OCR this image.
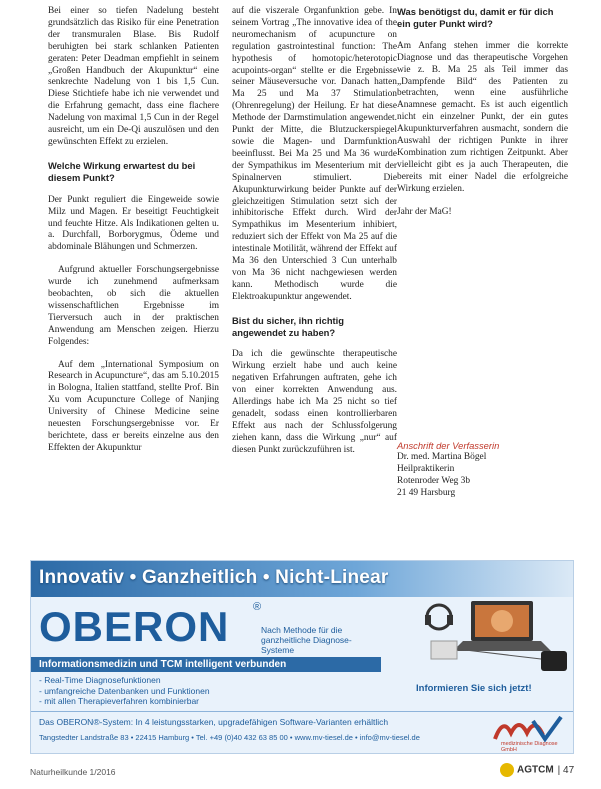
Bei einer so tiefen Nadelung besteht grundsätzlich das Risiko für eine Penetration der transmuralen Blase. Bis Rudolf beruhigten bei stark schlanken Patienten geraten: Peter Deadman empfiehlt in seinem „Großen Handbuch der Akupunktur“ eine senkrechte Nadelung von 1 bis 1,5 Cun. Diese Stichtiefe habe ich nie verwendet und die Erfahrung gemacht, dass eine flachere Nadelung von maximal 1,5 Cun in der Regel ausreicht, um ein De-Qi auszulösen und den gewünschten Effekt zu erzielen.

Welche Wirkung erwartest du bei diesem Punkt?

Der Punkt reguliert die Eingeweide sowie Milz und Magen. Er beseitigt Feuchtigkeit und feuchte Hitze. Als Indikationen gelten u. a. Durchfall, Borborygmus, Ödeme und abdominale Blähungen und Schmerzen.

Aufgrund aktueller Forschungsergebnisse wurde ich zunehmend aufmerksam beobachten, ob sich die aktuellen wissenschaftlichen Ergebnisse im Tierversuch auch in der praktischen Anwendung am Menschen zeigen. Hierzu Folgendes:

Auf dem „International Symposium on Research in Acupuncture“, das am 5.10.2015 in Bologna, Italien stattfand, stellte Prof. Bin Xu vom Acupuncture College of Nanjing University of Chinese Medicine seine neuesten Forschungsergebnisse vor. Er berichtete, dass er bereits einzelne aus den Effekten der Akupunktur

auf die viszerale Organfunktion gebe. In seinem Vortrag „The innovative idea of the neuromechanism of acupuncture on regulation gastrointestinal function: The hypothesis of homotopic/heterotopic acupoints-organ“ stellte er die Ergebnisse seiner Mäuseversuche vor. Danach hatten Ma 25 und Ma 37 Stimulation (Ohrenregelung) der Heilung. Er hat diese Methode der Darmstimulation angewendet. Punkt der Mitte, die Blutzuckerspiegel sowie die Magen- und Darmfunktion beeinflusst. Bei Ma 25 und Ma 36 wurde der Sympathikus im Mesenterium mit der Spinalnerven stimuliert. Die Akupunkturwirkung beider Punkte auf der gleichzeitigen Stimulation setzt sich der inhibitorische Effekt durch. Wird der Sympathikus im Mesenterium inhibiert, reduziert sich der Effekt von Ma 25 auf die intestinale Motilität, während der Effekt auf Ma 36 den Unterschied 3 Cun unterhalb von Ma 36 nicht nachgewiesen werden kann. Methodisch wurde die Elektroakupunktur angewendet.

Bist du sicher, ihn richtig angewendet zu haben?

Da ich die gewünschte therapeutische Wirkung erzielt habe und auch keine negativen Erfahrungen auftraten, gehe ich von einer korrekten Anwendung aus. Allerdings habe ich Ma 25 nicht so tief genadelt, sodass einen kontrollierbaren Effekt aus nach der Schlussfolgerung ziehen kann, dass die Wirkung „nur“ auf diesen Punkt zurückzuführen ist.

Was benötigst du, damit er für dich ein guter Punkt wird?

Am Anfang stehen immer die korrekte Diagnose und das therapeutische Vorgehen wie z. B. Ma 25 als Teil immer das „Dampfende Bild“ des Patienten zu betrachten, wenn eine ausführliche Anamnese gemacht. Es ist auch eigentlich nicht ein einzelner Punkt, der ein gutes Akupunkturverfahren ausmacht, sondern die Auswahl der richtigen Punkte in ihrer Kombination zum richtigen Zeitpunkt. Aber vielleicht gibt es ja auch Therapeuten, die bereits mit einer Nadel die erfolgreiche Wirkung erzielen.

Jahr der MaG!

Anschrift der Verfasserin
Dr. med. Martina Bögel
Heilpraktikerin
Rotenroder Weg 3b
21 49 Harsburg
Innovativ • Ganzheitlich • Nicht-Linear
OBERON ®
Nach Methode für die ganzheitliche Diagnose-Systeme
Informationsmedizin und TCM intelligent verbunden
- Real-Time Diagnosefunktionen
- umfangreiche Datenbanken und Funktionen
- mit allen Therapieverfahren kombinierbar
Informieren Sie sich jetzt!
Das OBERON®-System: In 4 leistungsstarken, upgradefähigen Software-Varianten erhältlich
Tangstedter Landstraße 83 • 22415 Hamburg • Tel. +49 (0)40 432 63 85 00 • www.mv-tiesel.de • info@mv-tiesel.de
medizinische Diagnose GmbH
Naturheilkunde 1/2016	AGTCM | 47
